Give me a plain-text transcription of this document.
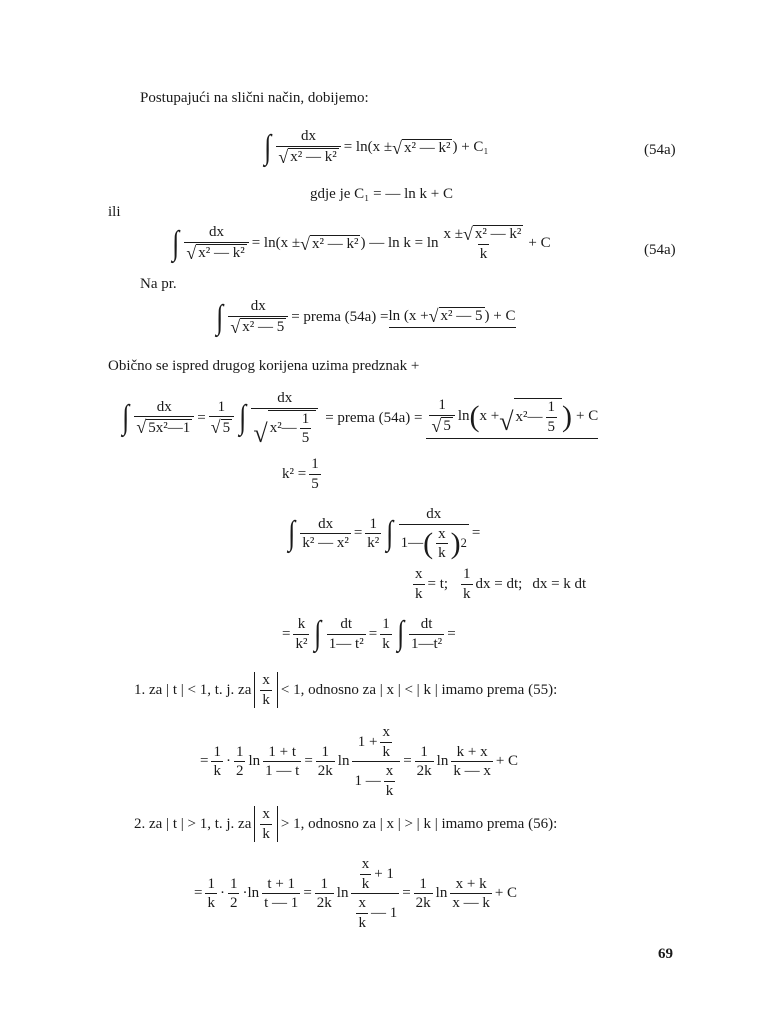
Postupajući na slični način, dobijemo:
∫ $\frac{dx}{\text{√ x² — k²}} = \ln(x$ ± √ x² — k² ) + C₁	(54a)
gdje je C₁ = — ln k + C
ili
∫ $\frac{dx}{\text{√ x² — k²}} = \ln(x$ ± √ x² — k² ) — $\ln k = \ln \frac{\text{x ± √ x² — k²}}{k} + C$	(54a)
Na pr.
∫ $\frac{dx}{\text{√ x² — 5}}$ = prema (54a) = ln (x + √ x² — 5 ) + C
Obično se ispred drugog korijena uzima predznak +
∫ $\frac{dx}{\text{√ 5x²—1}} = \frac{1}{√ 5}$ ∫ $\frac{dx}{√ x^2— \frac{1}{5}}$ = prema $(54a) = \frac{1}{√ 5}$ ln ( x + √ x²— $\frac{1}{5}$ ) + C
$k^2 = \frac{1}{5}$
∫ $\frac{dx}{\text{k² — x²}} = \frac{1}{\text{k²}}$ ∫ $\frac{dx}{1— ( \frac{x}{k} ) 2}$ =
$\frac{x}{k} = t$; $\frac{1}{k}$ dx = dt; dx = k dt
= $\frac{k}{\text{k²}}$ ∫ $\frac{dt}{\text{1— t²}} = \frac{1}{k}$ ∫ $\frac{dt}{\text{1—t²}}$ =
1. za | t | < 1, t. j. za $\frac{x}{k} < 1$, odnosno za | x | < | k | imamo prema (55):
= $\frac{1}{k} \cdot \frac{1}{2}$ $\ln \frac{1 + t}{1 — t} = \frac{1}{2k}$ $\ln \frac{1 + \frac{x}{k}}{1 — \frac{x}{k}} = \frac{1}{2k}$ $\ln \frac{k + x}{k — x} + C$
2. za | t | > 1, t. j. za $\frac{x}{k} > 1$, odnosno za | x | > | k | imamo prema (56):
= $\frac{1}{k} \cdot \frac{1}{2} \cdot \ln \frac{t + 1}{t — 1} = \frac{1}{2k}$ $\ln \frac{\frac{x}{k} + 1}{\frac{x}{k} — 1} = \frac{1}{2k}$ $\ln \frac{x + k}{x — k} + C$
69
